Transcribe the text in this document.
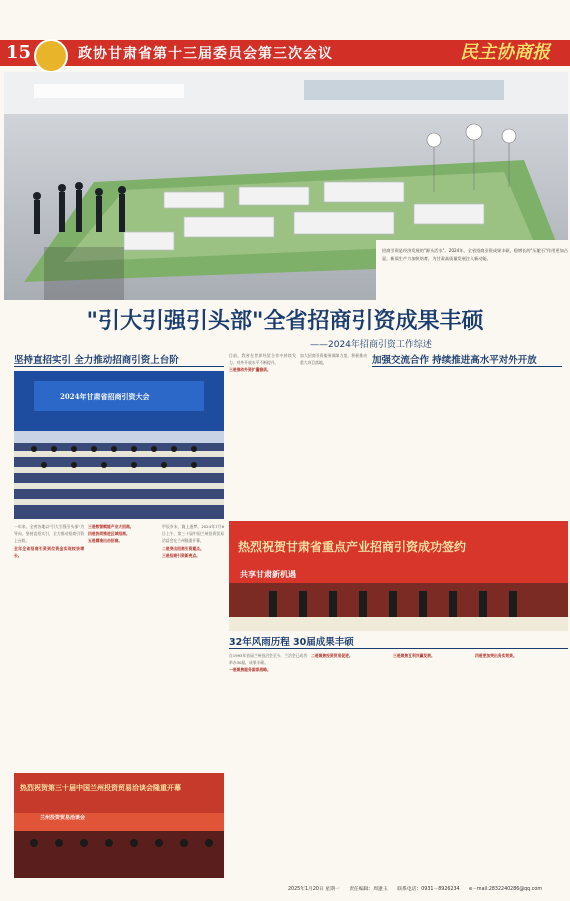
15	政协甘肃省第十三届委员会第三次会议	民主协商报
招商引资是经济发展的"源头活水"。2024年，全省招商引资成果丰硕，稳增长的"压舱石"作用更加凸显，新质生产力加快培育，为甘肃高质量发展注入新动能。
"引大引强引头部"全省招商引资成果丰硕
——2024年招商引资工作综述
坚持直招实引 全力推动招商引资上台阶	加强交流合作 持续推进高水平对外开放
2024年甘肃省招商引资大会
热烈祝贺甘肃省重点产业招商引资成功签约
共享甘肃新机遇
热烈祝贺第三十届中国兰州投资贸易洽谈会隆重开幕
兰州投资贸易洽谈会
32年风雨历程 30届成果丰硕
一年来，全省各地以"引大引强引头部"为导向，坚持直招实引，全力推动招商引资上台阶。
全年全省招商引资到位资金实现较快增长。
三是数智赋能产业大招商。
四是协同推进区域招商。
五是精准出击招商。
甲辰岁末，陇上逐梦。2024年7月6日上午，第三十届中国兰州投资贸易洽谈会在兰州隆重开幕。
二是突出招商引资重点。
三是招商引资新亮点。
目前，我省在世界经贸合作中持续发力，对外开放水平不断提升。
三是推动外资扩量稳质。
加大招商引资服务保障力度，积极推动重大项目落地。
自1993年首届兰州投洽会至今，兰洽会已成功举办30届，成果丰硕。
一是聚焦服务国家战略。
二是聚焦投资贸易促进。	三是聚焦互利共赢发展。	四是更加突出务实效果。
2025年1月20日 星期一　　责任编辑：周逢玉　　联系电话：0931－8926234　　e－mail:2832240286@qq.com
